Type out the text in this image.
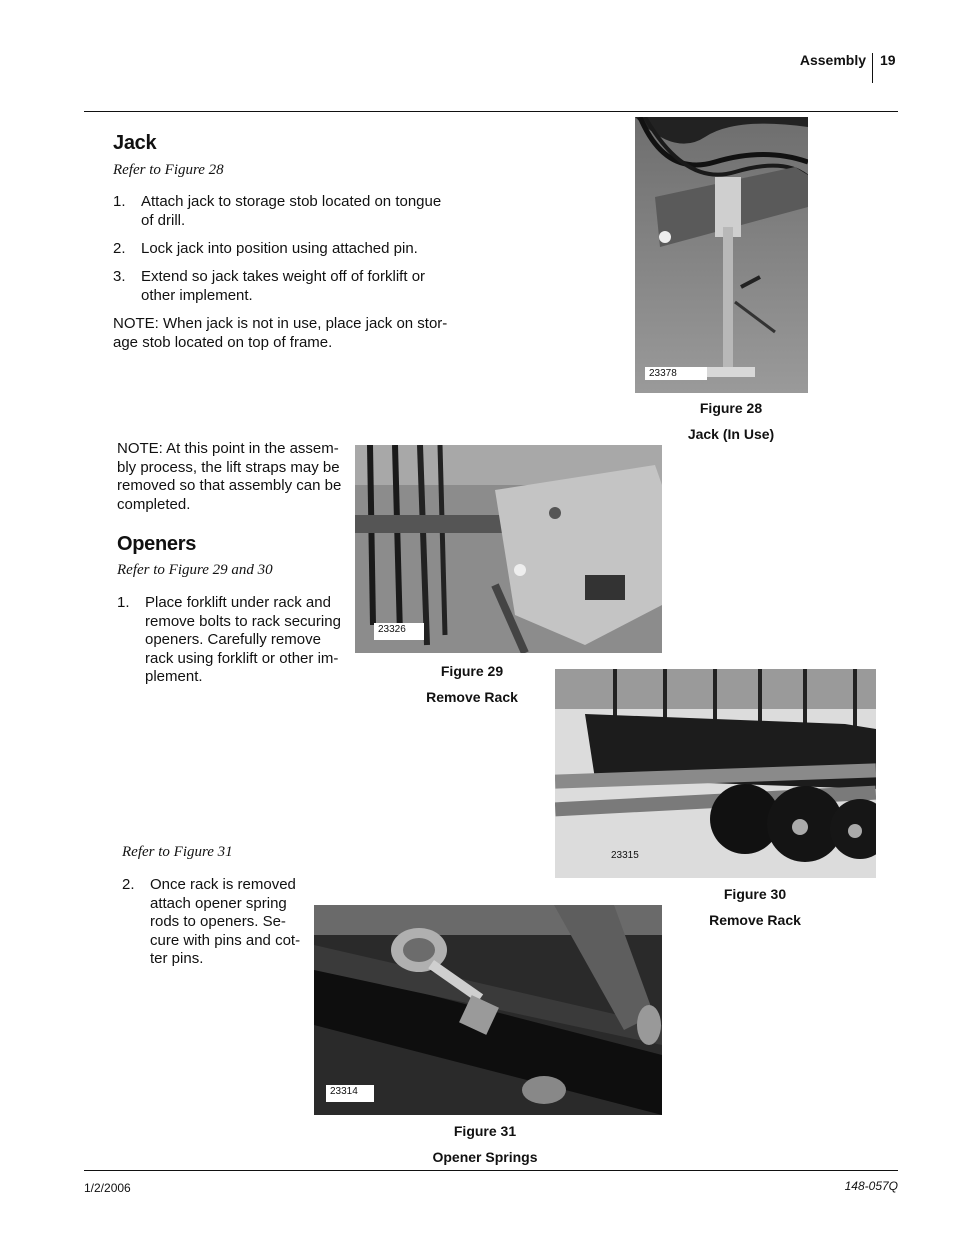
Assembly 19
Jack
Refer to Figure 28
1. Attach jack to storage stob located on tongue
of drill.
2. Lock jack into position using attached pin.
3. Extend so jack takes weight off of forklift or
other implement.
NOTE: When jack is not in use, place jack on stor-
age stob located on top of frame.
23378
Figure 28
Jack (In Use)
NOTE: At this point in the assem-
bly process, the lift straps may be
removed so that assembly can be
completed.
23326
Figure 29
Remove Rack
Openers
Refer to Figure 29 and 30
1. Place forklift under rack and
remove bolts to rack securing
openers. Carefully remove
rack using forklift or other im-
plement.
23315
Figure 30
Remove Rack
Refer to Figure 31
2. Once rack is removed
attach opener spring
rods to openers. Se-
cure with pins and cot-
ter pins.
23314
Figure 31
Opener Springs
1/2/2006	148-057Q
